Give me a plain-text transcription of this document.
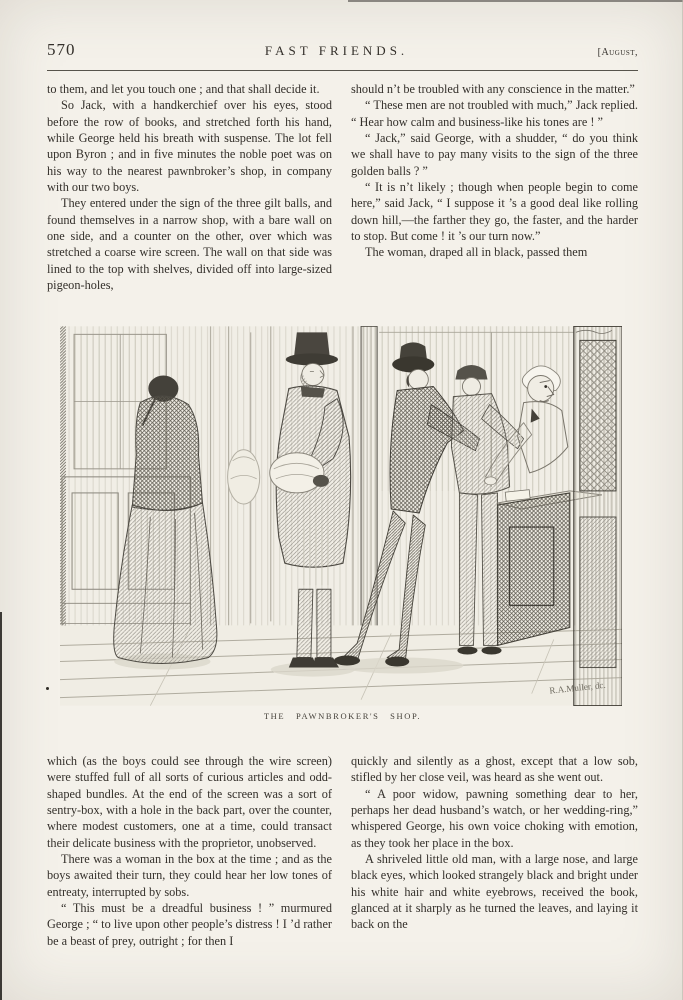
570	FAST FRIENDS.	[August,

to them, and let you touch one ; and that shall decide it.

So Jack, with a handkerchief over his eyes, stood before the row of books, and stretched forth his hand, while George held his breath with suspense. The lot fell upon Byron ; and in five minutes the noble poet was on his way to the nearest pawnbroker’s shop, in company with our two boys.

They entered under the sign of the three gilt balls, and found themselves in a narrow shop, with a bare wall on one side, and a counter on the other, over which was stretched a coarse wire screen. The wall on that side was lined to the top with shelves, divided off into large-sized pigeon-holes,

should n’t be troubled with any conscience in the matter.”

“ These men are not troubled with much,” Jack replied. “ Hear how calm and business-like his tones are ! ”

“ Jack,” said George, with a shudder, “ do you think we shall have to pay many visits to the sign of the three golden balls ? ”

“ It is n’t likely ; though when people begin to come here,” said Jack, “ I suppose it ’s a good deal like rolling down hill,—the farther they go, the faster, and the harder to stop. But come ! it ’s our turn now.”

The woman, draped all in black, passed them

R.A.Muller, dc.
THE PAWNBROKER'S SHOP.

which (as the boys could see through the wire screen) were stuffed full of all sorts of curious articles and odd-shaped bundles. At the end of the screen was a sort of sentry-box, with a hole in the back part, over the counter, where modest customers, one at a time, could transact their delicate business with the proprietor, unobserved.

There was a woman in the box at the time ; and as the boys awaited their turn, they could hear her low tones of entreaty, interrupted by sobs.

“ This must be a dreadful business ! ” murmured George ; “ to live upon other people’s distress ! I ’d rather be a beast of prey, outright ; for then I

quickly and silently as a ghost, except that a low sob, stifled by her close veil, was heard as she went out.

“ A poor widow, pawning something dear to her, perhaps her dead husband’s watch, or her wedding-ring,” whispered George, his own voice choking with emotion, as they took her place in the box.

A shriveled little old man, with a large nose, and large black eyes, which looked strangely black and bright under his white hair and white eyebrows, received the book, glanced at it sharply as he turned the leaves, and laying it back on the
